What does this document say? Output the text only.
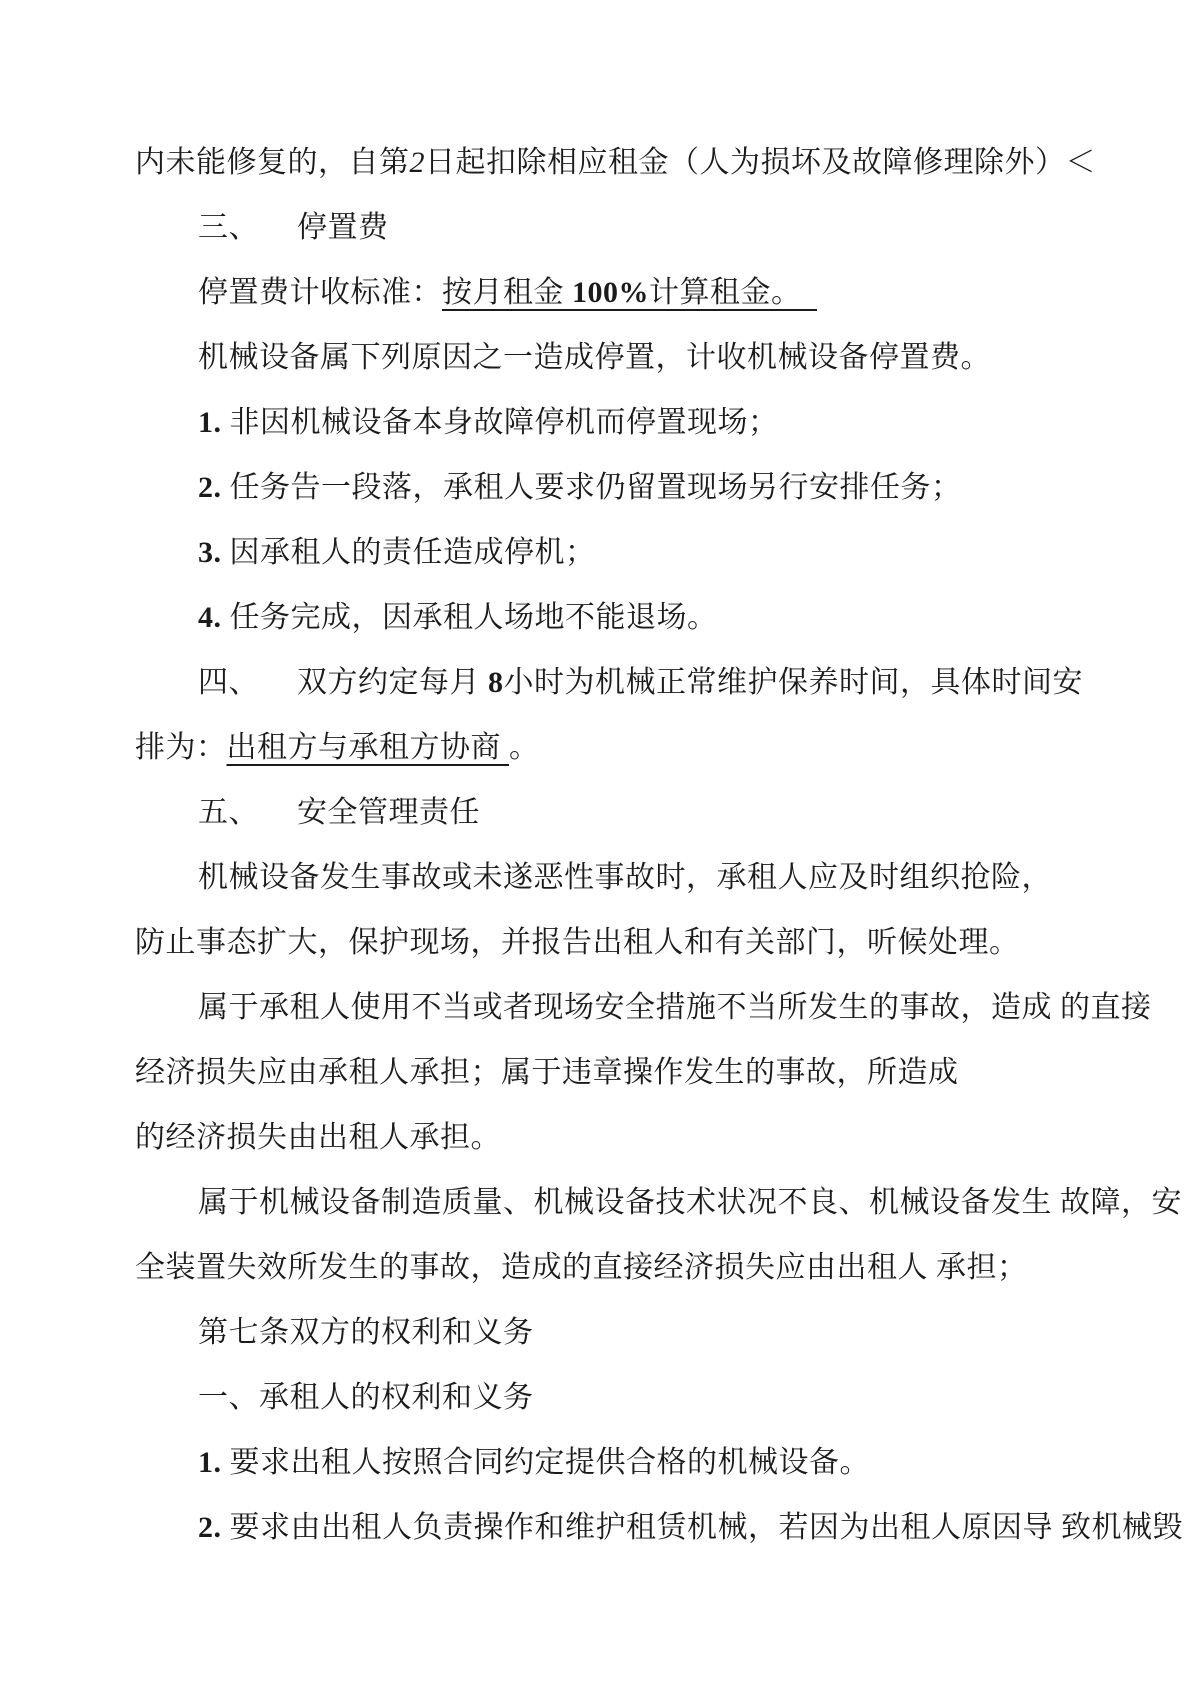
内未能修复的，自第2日起扣除相应租金（人为损坏及故障修理除外）＜
三、 停置费
停置费计收标准：按月租金 100%计算租金。　
机械设备属下列原因之一造成停置，计收机械设备停置费。
1. 非因机械设备本身故障停机而停置现场；
2. 任务告一段落，承租人要求仍留置现场另行安排任务；
3. 因承租人的责任造成停机；
4. 任务完成，因承租人场地不能退场。
四、 双方约定每月 8小时为机械正常维护保养时间，具体时间安
排为：出租方与承租方协商 。
五、 安全管理责任
机械设备发生事故或未遂恶性事故时，承租人应及时组织抢险，
防止事态扩大，保护现场，并报告出租人和有关部门，听候处理。
属于承租人使用不当或者现场安全措施不当所发生的事故，造成 的直接
经济损失应由承租人承担；属于违章操作发生的事故，所造成
的经济损失由出租人承担。
属于机械设备制造质量、机械设备技术状况不良、机械设备发生 故障，安
全装置失效所发生的事故，造成的直接经济损失应由出租人 承担；
第七条双方的权利和义务
一、承租人的权利和义务
1. 要求出租人按照合同约定提供合格的机械设备。
2. 要求由出租人负责操作和维护租赁机械，若因为出租人原因导 致机械毁
